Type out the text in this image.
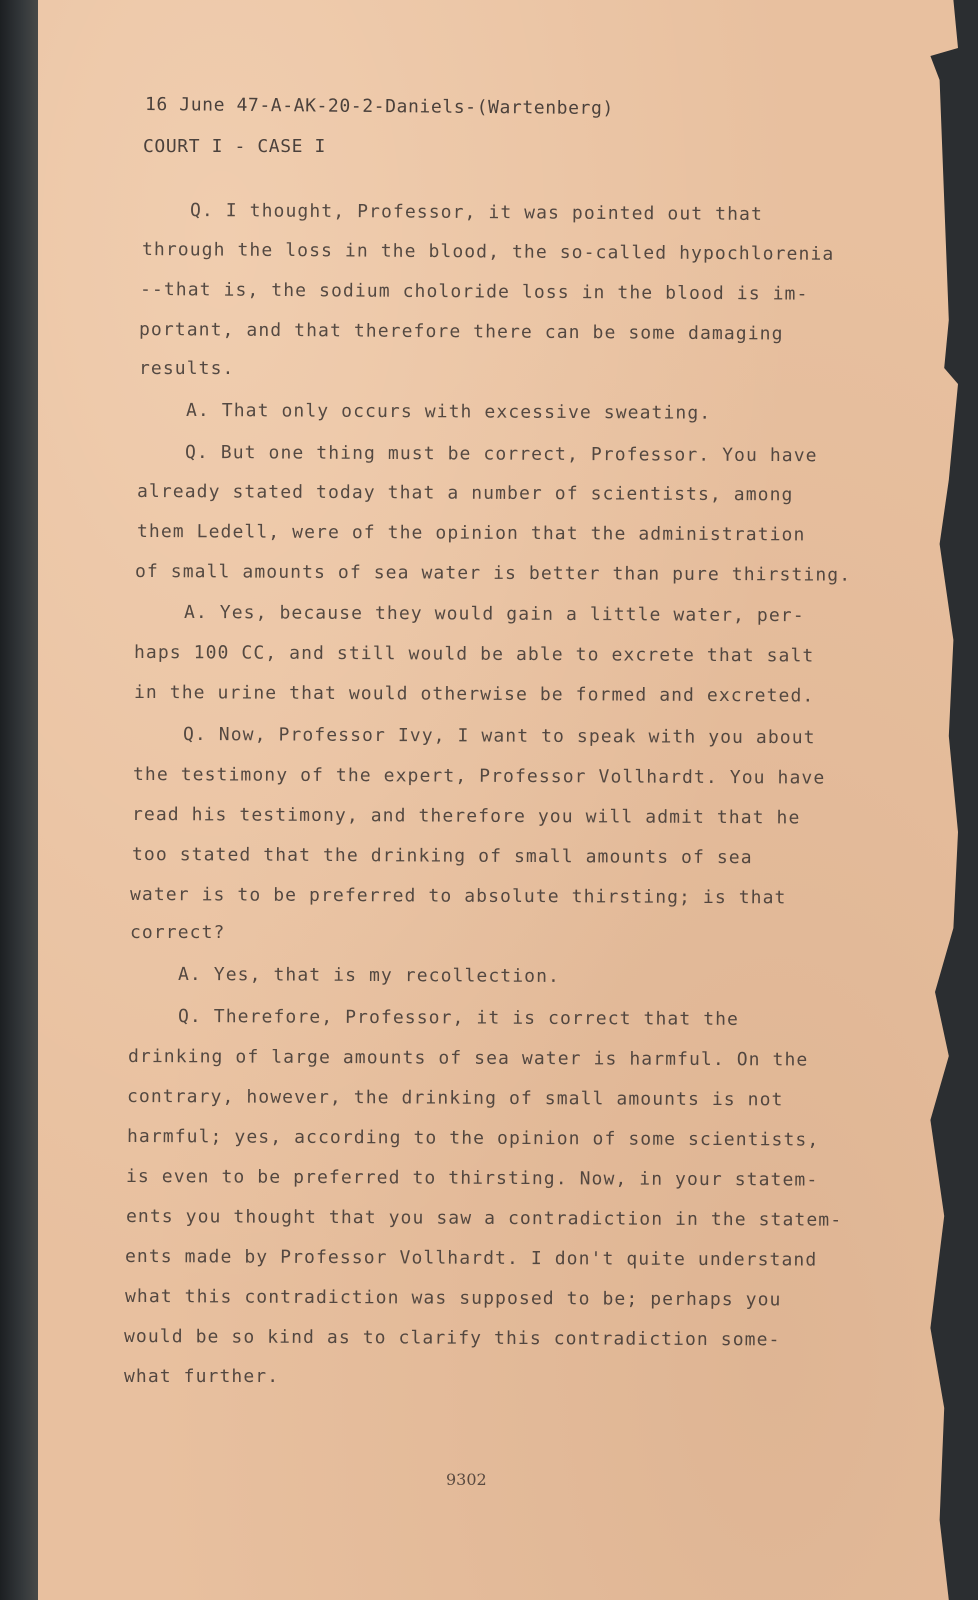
16 June 47-A-AK-20-2-Daniels-(Wartenberg)
COURT I - CASE I
Q. I thought, Professor, it was pointed out that
through the loss in the blood, the so-called hypochlorenia
--that is, the sodium choloride loss in the blood is im-
portant, and that therefore there can be some damaging
results.
A. That only occurs with excessive sweating.
Q. But one thing must be correct, Professor. You have
already stated today that a number of scientists, among
them Ledell, were of the opinion that the administration
of small amounts of sea water is better than pure thirsting.
A. Yes, because they would gain a little water, per-
haps 100 CC, and still would be able to excrete that salt
in the urine that would otherwise be formed and excreted.
Q. Now, Professor Ivy, I want to speak with you about
the testimony of the expert, Professor Vollhardt. You have
read his testimony, and therefore you will admit that he
too stated that the drinking of small amounts of sea
water is to be preferred to absolute thirsting; is that
correct?
A. Yes, that is my recollection.
Q. Therefore, Professor, it is correct that the
drinking of large amounts of sea water is harmful. On the
contrary, however, the drinking of small amounts is not
harmful; yes, according to the opinion of some scientists,
is even to be preferred to thirsting. Now, in your statem-
ents you thought that you saw a contradiction in the statem-
ents made by Professor Vollhardt. I don't quite understand
what this contradiction was supposed to be; perhaps you
would be so kind as to clarify this contradiction some-
what further.
9302
